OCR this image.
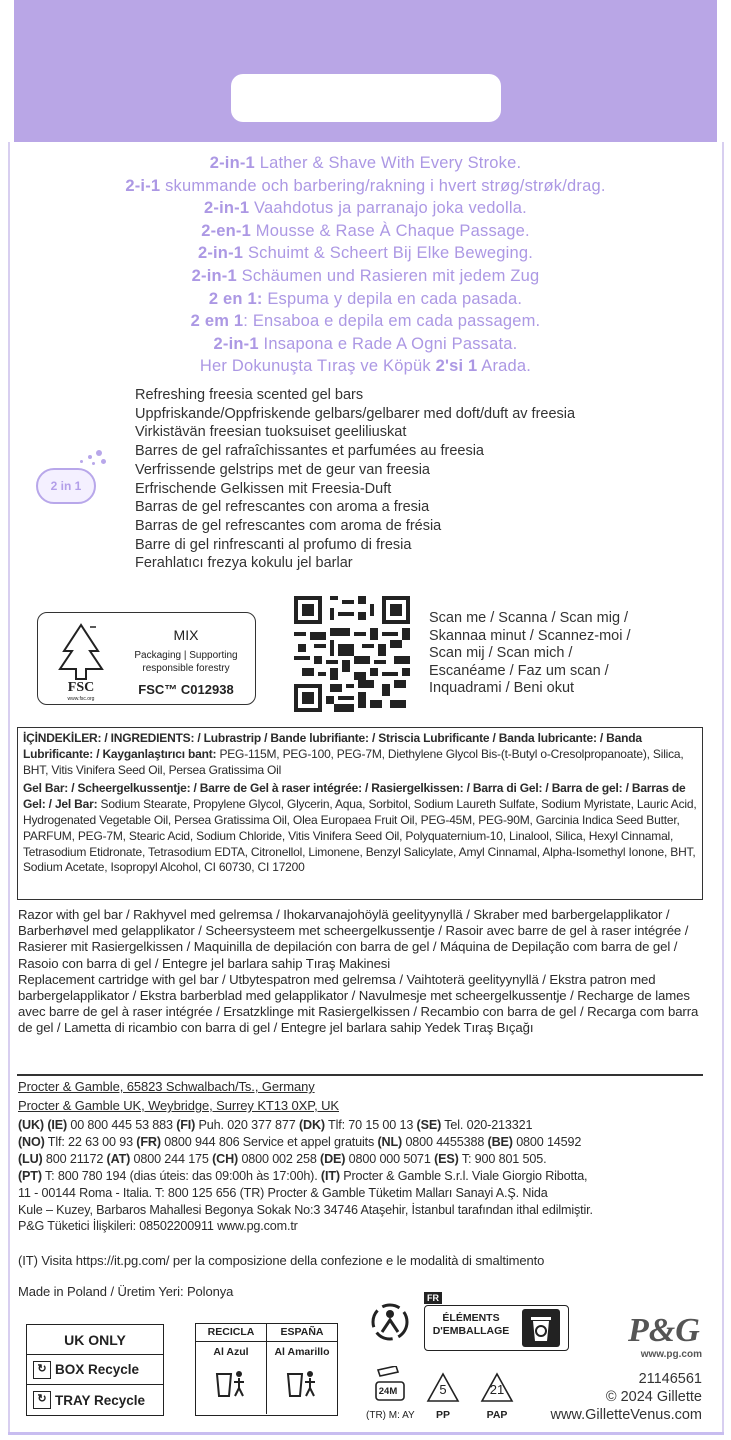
2-in-1 Lather & Shave With Every Stroke.
2-i-1 skummande och barbering/rakning i hvert strøg/strøk/drag.
2-in-1 Vaahdotus ja parranajo joka vedolla.
2-en-1 Mousse & Rase À Chaque Passage.
2-in-1 Schuimt & Scheert Bij Elke Beweging.
2-in-1 Schäumen und Rasieren mit jedem Zug
2 en 1: Espuma y depila en cada pasada.
2 em 1: Ensaboa e depila em cada passagem.
2-in-1 Insapona e Rade A Ogni Passata.
Her Dokunuşta Tıraş ve Köpük 2'si 1 Arada.
2 in 1
Refreshing freesia scented gel bars
Uppfriskande/Oppfriskende gelbars/gelbarer med doft/duft av freesia
Virkistävän freesian tuoksuiset geeliliuskat
Barres de gel rafraîchissantes et parfumées au freesia
Verfrissende gelstrips met de geur van freesia
Erfrischende Gelkissen mit Freesia-Duft
Barras de gel refrescantes con aroma a fresia
Barras de gel refrescantes com aroma de frésia
Barre di gel rinfrescanti al profumo di fresia
Ferahlatıcı frezya kokulu jel barlar
FSC
www.fsc.org
MIX
Packaging | Supporting responsible forestry
FSC™ C012938
Scan me / Scanna / Scan mig /
Skannaa minut / Scannez-moi /
Scan mij / Scan mich /
Escanéame / Faz um scan /
Inquadrami / Beni okut
İÇİNDEKİLER: / INGREDIENTS: / Lubrastrip / Bande lubrifiante: / Striscia Lubrificante / Banda lubricante: / Banda Lubrificante: / Kayganlaştırıcı bant: PEG-115M, PEG-100, PEG-7M, Diethylene Glycol Bis-(t-Butyl o-Cresolpropanoate), Silica, BHT, Vitis Vinifera Seed Oil, Persea Gratissima Oil
Gel Bar: / Scheergelkussentje: / Barre de Gel à raser intégrée: / Rasiergelkissen: / Barra di Gel: / Barra de gel: / Barras de Gel: / Jel Bar: Sodium Stearate, Propylene Glycol, Glycerin, Aqua, Sorbitol, Sodium Laureth Sulfate, Sodium Myristate, Lauric Acid, Hydrogenated Vegetable Oil, Persea Gratissima Oil, Olea Europaea Fruit Oil, PEG-45M, PEG-90M, Garcinia Indica Seed Butter, PARFUM, PEG-7M, Stearic Acid, Sodium Chloride, Vitis Vinifera Seed Oil, Polyquaternium-10, Linalool, Silica, Hexyl Cinnamal, Tetrasodium Etidronate, Tetrasodium EDTA, Citronellol, Limonene, Benzyl Salicylate, Amyl Cinnamal, Alpha-Isomethyl Ionone, BHT, Sodium Acetate, Isopropyl Alcohol, CI 60730, CI 17200
Razor with gel bar / Rakhyvel med gelremsa / Ihokarvanajohöylä geelityynyllä / Skraber med barbergelapplikator / Barberhøvel med gelapplikator / Scheersysteem met scheergelkussentje / Rasoir avec barre de gel à raser intégrée / Rasierer mit Rasiergelkissen / Maquinilla de depilación con barra de gel / Máquina de Depilação com barra de gel / Rasoio con barra di gel / Entegre jel barlara sahip Tıraş Makinesi
Replacement cartridge with gel bar / Utbytespatron med gelremsa / Vaihtoterä geelityynyllä / Ekstra patron med barbergelapplikator / Ekstra barberblad med gelapplikator / Navulmesje met scheergelkussentje / Recharge de lames avec barre de gel à raser intégrée / Ersatzklinge mit Rasiergelkissen / Recambio con barra de gel / Recarga com barra de gel / Lametta di ricambio con barra di gel / Entegre jel barlara sahip Yedek Tıraş Bıçağı
Procter & Gamble, 65823 Schwalbach/Ts., Germany
Procter & Gamble UK, Weybridge, Surrey KT13 0XP, UK
(UK) (IE) 00 800 445 53 883 (FI) Puh. 020 377 877 (DK) Tlf: 70 15 00 13 (SE) Tel. 020-213321
(NO) Tlf: 22 63 00 93 (FR) 0800 944 806 Service et appel gratuits (NL) 0800 4455388 (BE) 0800 14592
(LU) 800 21172 (AT) 0800 244 175 (CH) 0800 002 258 (DE) 0800 000 5071 (ES) T: 900 801 505.
(PT) T: 800 780 194 (dias úteis: das 09:00h às 17:00h). (IT) Procter & Gamble S.r.l. Viale Giorgio Ribotta,
11 - 00144 Roma - Italia. T: 800 125 656 (TR) Procter & Gamble Tüketim Malları Sanayi A.Ş. Nida
Kule – Kuzey, Barbaros Mahallesi Begonya Sokak No:3 34746 Ataşehir, İstanbul tarafından ithal edilmiştir.
P&G Tüketici İlişkileri: 08502200911 www.pg.com.tr
(IT) Visita https://it.pg.com/ per la composizione della confezione e le modalità di smaltimento
Made in Poland / Üretim Yeri: Polonya
UK ONLY
↻ BOX Recycle
↻ TRAY Recycle
RECICLA	ESPAÑA
Al Azul	Al Amarillo
FR
ÉLÉMENTS D'EMBALLAGE
24M
(TR) M: AY
5
PP
21
PAP
P&G
www.pg.com
21146561
© 2024 Gillette
www.GilletteVenus.com
